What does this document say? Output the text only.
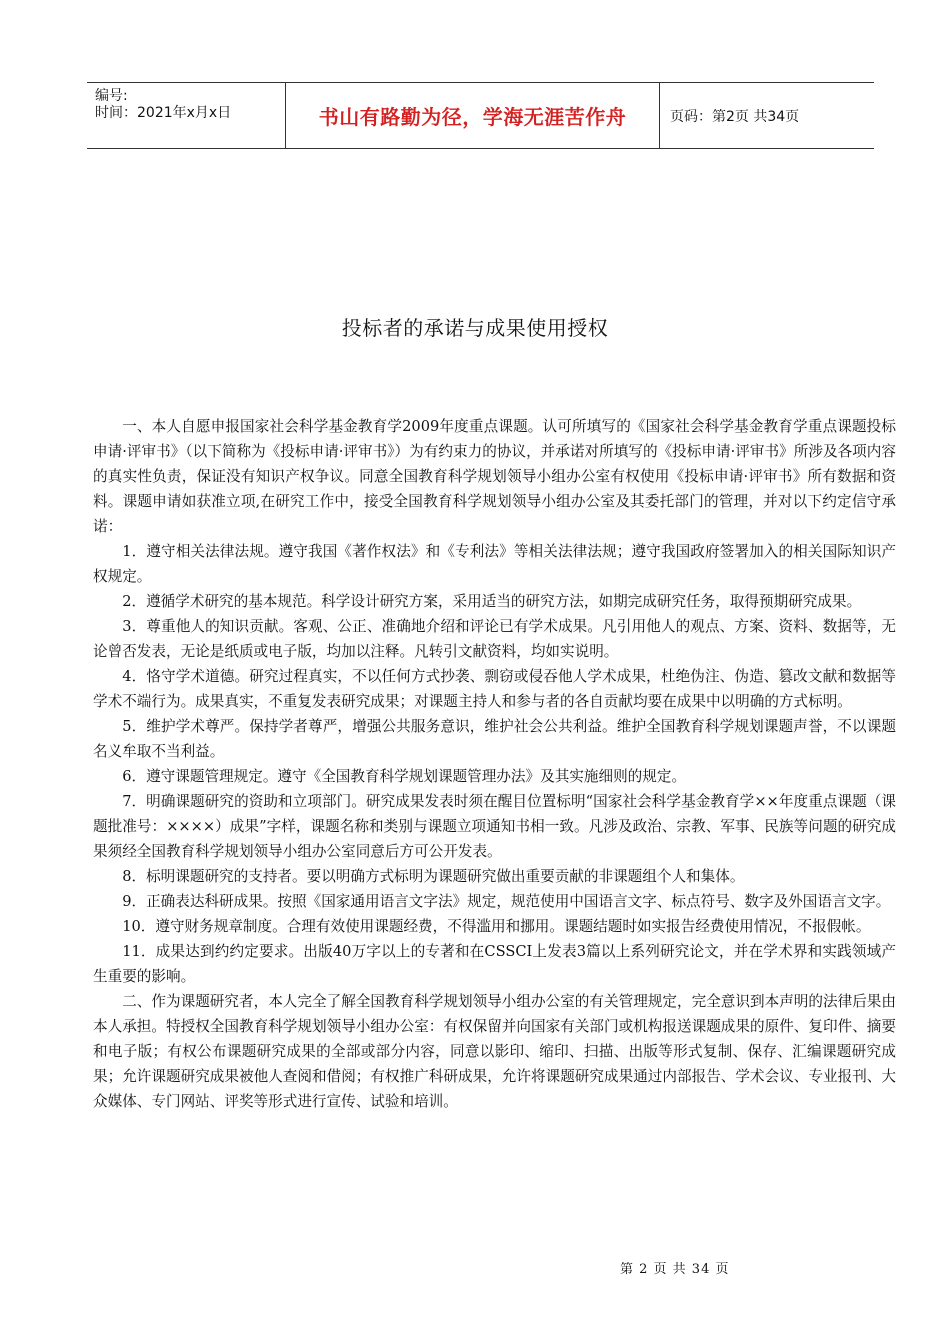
编号:
时间：2021年x月x日	书山有路勤为径，学海无涯苦作舟	页码：第2页 共34页
投标者的承诺与成果使用授权

一、本人自愿申报国家社会科学基金教育学2009年度重点课题。认可所填写的《国家社会科学基金教育学重点课题投标申请·评审书》（以下简称为《投标申请·评审书》）为有约束力的协议，并承诺对所填写的《投标申请·评审书》所涉及各项内容的真实性负责，保证没有知识产权争议。同意全国教育科学规划领导小组办公室有权使用《投标申请·评审书》所有数据和资料。课题申请如获准立项,在研究工作中，接受全国教育科学规划领导小组办公室及其委托部门的管理，并对以下约定信守承诺：

1．遵守相关法律法规。遵守我国《著作权法》和《专利法》等相关法律法规；遵守我国政府签署加入的相关国际知识产权规定。

2．遵循学术研究的基本规范。科学设计研究方案，采用适当的研究方法，如期完成研究任务，取得预期研究成果。

3．尊重他人的知识贡献。客观、公正、准确地介绍和评论已有学术成果。凡引用他人的观点、方案、资料、数据等，无论曾否发表，无论是纸质或电子版，均加以注释。凡转引文献资料，均如实说明。

4．恪守学术道德。研究过程真实，不以任何方式抄袭、剽窃或侵吞他人学术成果，杜绝伪注、伪造、篡改文献和数据等学术不端行为。成果真实，不重复发表研究成果；对课题主持人和参与者的各自贡献均要在成果中以明确的方式标明。

5．维护学术尊严。保持学者尊严，增强公共服务意识，维护社会公共利益。维护全国教育科学规划课题声誉，不以课题名义牟取不当利益。

6．遵守课题管理规定。遵守《全国教育科学规划课题管理办法》及其实施细则的规定。

7．明确课题研究的资助和立项部门。研究成果发表时须在醒目位置标明“国家社会科学基金教育学××年度重点课题（课题批准号：××××）成果”字样，课题名称和类别与课题立项通知书相一致。凡涉及政治、宗教、军事、民族等问题的研究成果须经全国教育科学规划领导小组办公室同意后方可公开发表。

8．标明课题研究的支持者。要以明确方式标明为课题研究做出重要贡献的非课题组个人和集体。

9．正确表达科研成果。按照《国家通用语言文字法》规定，规范使用中国语言文字、标点符号、数字及外国语言文字。

10．遵守财务规章制度。合理有效使用课题经费，不得滥用和挪用。课题结题时如实报告经费使用情况，不报假帐。

11．成果达到约约定要求。出版40万字以上的专著和在CSSCI上发表3篇以上系列研究论文，并在学术界和实践领域产生重要的影响。

二、作为课题研究者，本人完全了解全国教育科学规划领导小组办公室的有关管理规定，完全意识到本声明的法律后果由本人承担。特授权全国教育科学规划领导小组办公室：有权保留并向国家有关部门或机构报送课题成果的原件、复印件、摘要和电子版；有权公布课题研究成果的全部或部分内容，同意以影印、缩印、扫描、出版等形式复制、保存、汇编课题研究成果；允许课题研究成果被他人查阅和借阅；有权推广科研成果，允许将课题研究成果通过内部报告、学术会议、专业报刊、大众媒体、专门网站、评奖等形式进行宣传、试验和培训。

第 2 页 共 34 页
